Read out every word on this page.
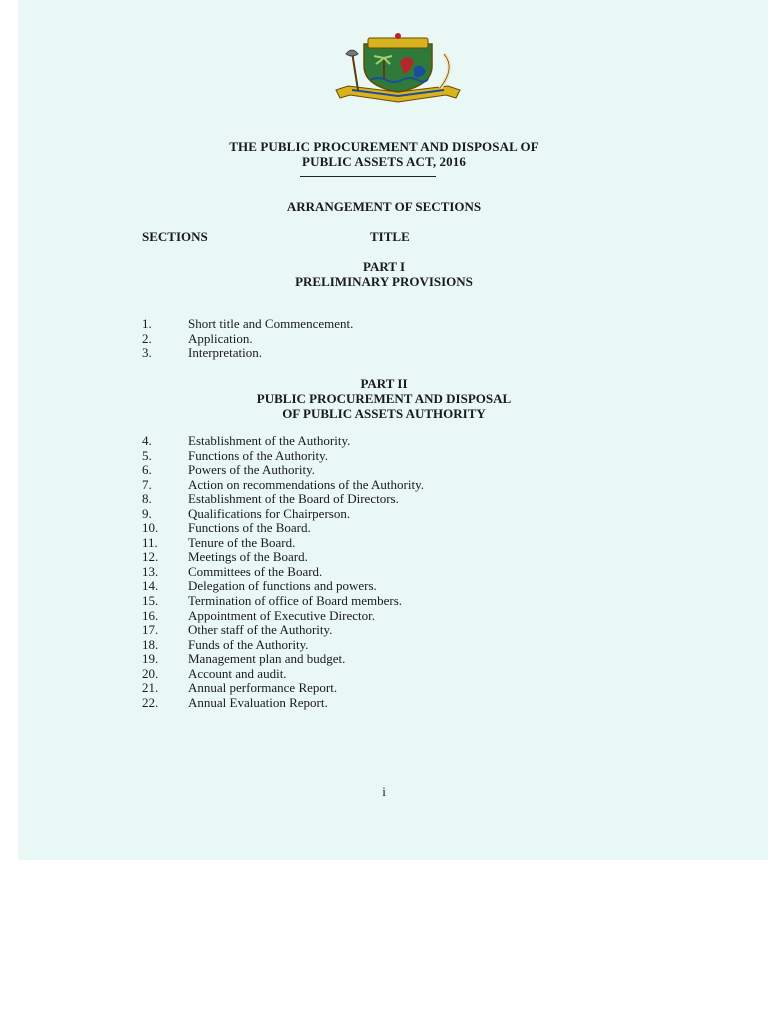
THE PUBLIC PROCUREMENT AND DISPOSAL OF
PUBLIC ASSETS ACT, 2016
ARRANGEMENT OF SECTIONS
SECTIONS	TITLE
PART I
PRELIMINARY PROVISIONS
1.	Short title and Commencement.
2.	Application.
3.	Interpretation.
PART II
PUBLIC PROCUREMENT AND DISPOSAL
OF PUBLIC ASSETS AUTHORITY
4.	Establishment of the Authority.
5.	Functions of the Authority.
6.	Powers of the Authority.
7.	Action on recommendations of the Authority.
8.	Establishment of the Board of Directors.
9.	Qualifications for Chairperson.
10.	Functions of the Board.
11.	Tenure of the Board.
12.	Meetings of the Board.
13.	Committees of the Board.
14.	Delegation of functions and powers.
15.	Termination of office of Board members.
16.	Appointment of Executive Director.
17.	Other staff of the Authority.
18.	Funds of the Authority.
19.	Management plan and budget.
20.	Account and audit.
21.	Annual performance Report.
22.	Annual Evaluation Report.
i
